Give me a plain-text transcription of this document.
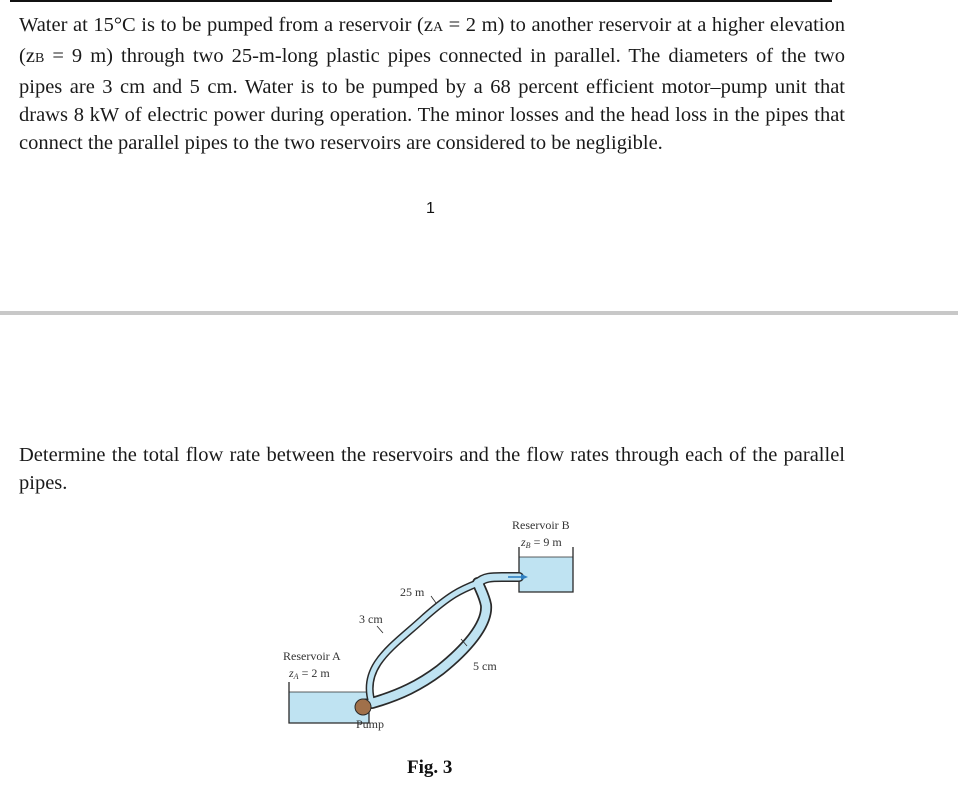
Water at 15°C is to be pumped from a reservoir (zA = 2 m) to another reservoir at a higher elevation (zB = 9 m) through two 25-m-long plastic pipes connected in parallel. The diameters of the two pipes are 3 cm and 5 cm. Water is to be pumped by a 68 percent efficient motor–pump unit that draws 8 kW of electric power during operation. The minor losses and the head loss in the pipes that connect the parallel pipes to the two reservoirs are considered to be negligible.

1

Determine the total flow rate between the reservoirs and the flow rates through each of the parallel pipes.

Reservoir B
zB = 9 m
25 m
3 cm
5 cm
Reservoir A
zA = 2 m
Pump
Fig. 3
